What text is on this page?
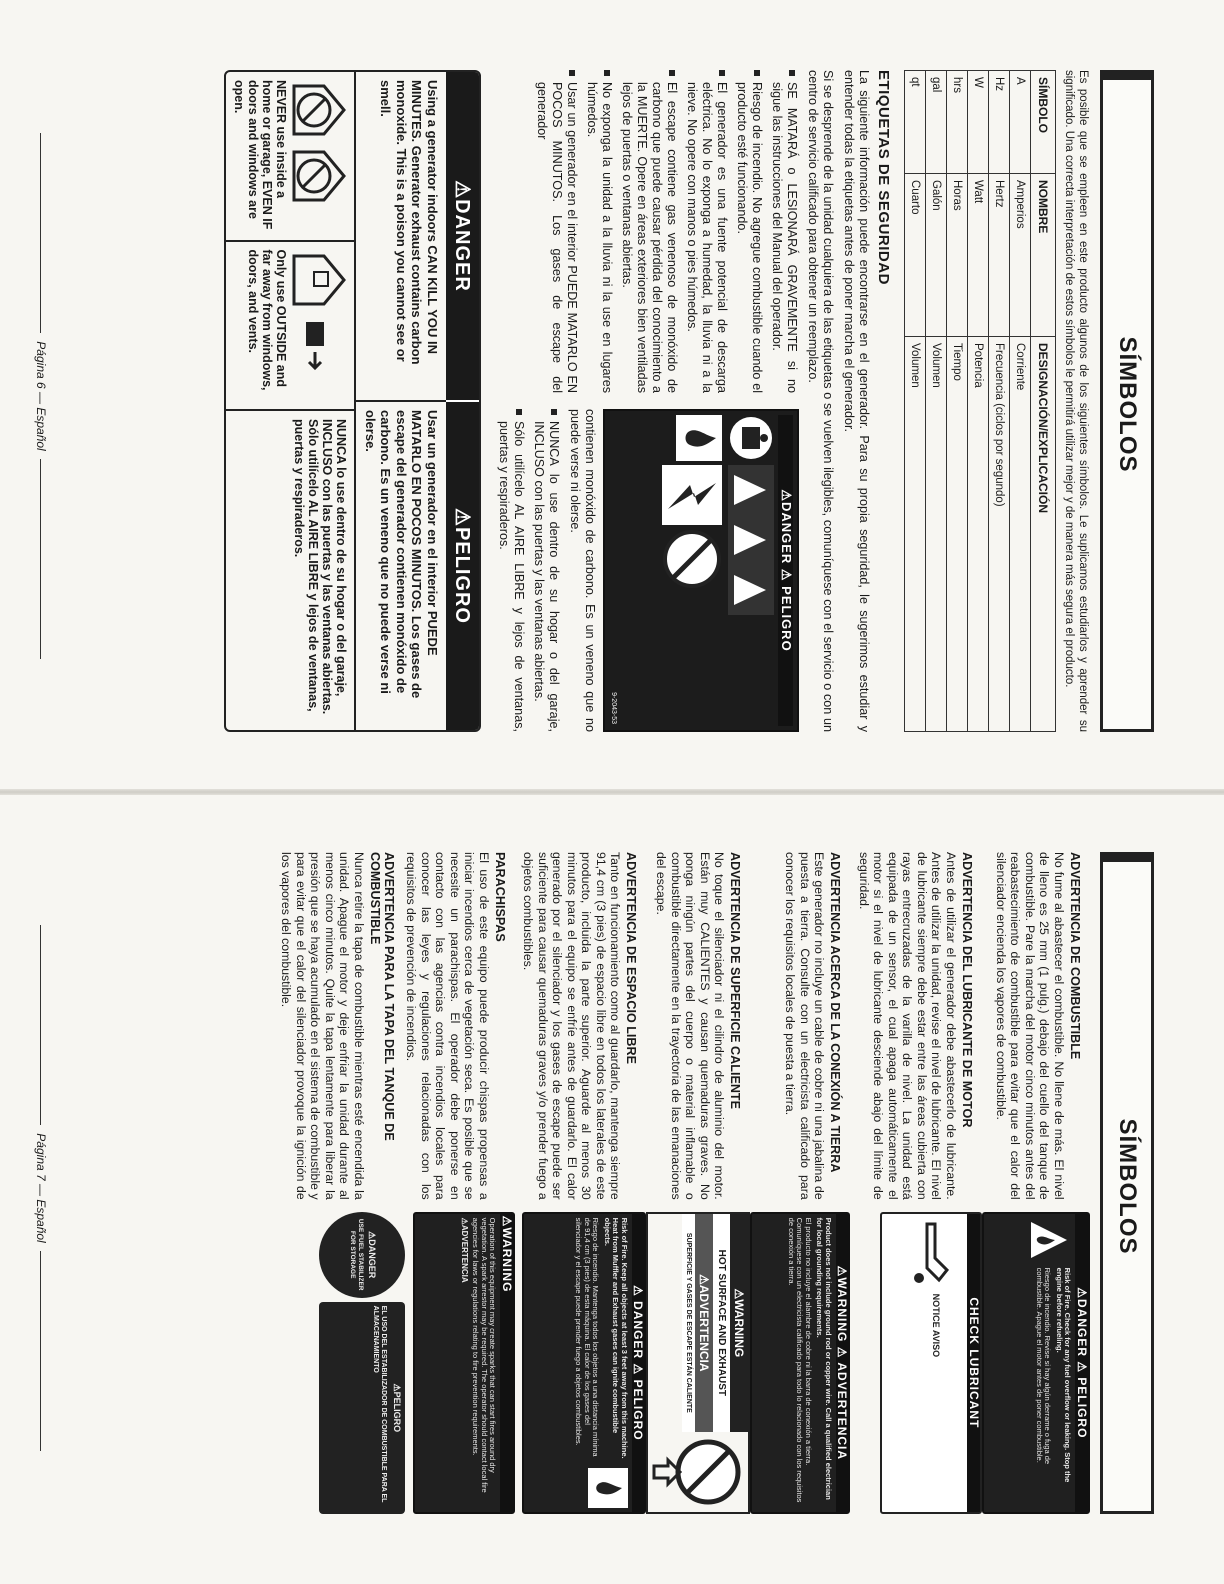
SÍMBOLOS

Es posible que se empleen en este producto algunos de los siguientes símbolos. Le suplicamos estudiarlos y aprender su significado. Una correcta interpretación de estos símbolos le permitirá utilizar mejor y de manera más segura el producto.

SÍMBOLO	NOMBRE	DESIGNACIÓN/EXPLICACIÓN
A	Amperios	Corriente
Hz	Hertz	Frecuencia (ciclos por segundo)
W	Watt	Potencia
hrs	Horas	Tiempo
gal	Galón	Volumen
qt	Cuarto	Volumen
ETIQUETAS DE SEGURIDAD

La siguiente información puede encontrarse en el generador. Para su propia seguridad, le sugerimos estudiar y entender todas la etiquetas antes de poner marcha el generador.

Si se desprende de la unidad cualquiera de las etiquetas o se vuelven ilegibles, comuníquese con el servicio o con un centro de servicio calificado para obtener un reemplazo.

SE MATARÁ o LESIONARÁ GRAVEMENTE si no sigue las instrucciones del Manual del operador.
Riesgo de incendio. No agregue combustible cuando el producto esté funcionando.
El generador es una fuente potencial de descarga eléctrica. No lo exponga a humedad, la lluvia ni a la nieve. No opere con manos o pies húmedos.
El escape contiene gas venenoso de monóxido de carbono que puede causar pérdida del conocimiento a la MUERTE. Opere en áreas exteriores bien ventiladas lejos de puertas o ventanas abiertas.
No exponga la unidad a la lluvia ni la use en lugares húmedos.
Usar un generador en el interior PUEDE MATARLO EN POCOS MINUTOS. Los gases de escape del generador
⚠DANGER ⚠ PELIGRO
9-2043-53

contienen monóxido de carbono. Es un veneno que no puede verse ni olerse.

NUNCA lo use dentro de su hogar o del garaje, INCLUSO con las puertas y las ventanas abiertas.
Sólo utilícelo AL AIRE LIBRE y lejos de ventanas, puertas y respiraderos.
⚠DANGER
⚠PELIGRO
Using a generator indoors CAN KILL YOU IN MINUTES. Generator exhaust contains carbon monoxide. This is a poison you cannot see or smell.
Usar un generador en el interior PUEDE MATARLO EN POCOS MINUTOS. Los gases de escape del generador contienen monóxido de carbono. Es un veneno que no puede verse ni olerse.
NEVER use inside a home or garage, EVEN IF doors and windows are open.
Only use OUTSIDE and far away from windows, doors, and vents.
NUNCA lo use dentro de su hogar o del garaje, INCLUSO con las puertas y las ventanas abiertas. Sólo utilícelo AL AIRE LIBRE y lejos de ventanas, puertas y respiraderos.
Página 6 — Español
SÍMBOLOS
ADVERTENCIA DE COMBUSTIBLE

No fume al abastecer el combustible. No llene de más. El nivel de lleno es 25 mm (1 pulg.) debajo del cuello del tanque de combustible. Pare la marcha del motor cinco minutos antes del reabastecimiento de combustible para evitar que el calor del silenciador encienda los vapores de combustible.

⚠DANGER ⚠ PELIGRO
Risk of Fire. Check for any fuel overflow or leaking. Stop the engine before refueling.
Riesgo de incendio. Revise si hay algún derrame o fuga de combustible. Apague el motor antes de poner combustible.
ADVERTENCIA DEL LUBRICANTE DE MOTOR

Antes de utilizar el generador debe abastecerlo de lubricante. Antes de utilizar la unidad, revise el nivel de lubricante. El nivel de lubricante siempre debe estar entre las áreas cubierta con rayas entrecruzadas de la varilla de nivel. La unidad está equipada de un sensor, el cual apaga automáticamente el motor si el nivel de lubricante desciende abajo del límite de seguridad.

CHECK LUBRICANT
NOTICE AVISO
ADVERTENCIA ACERCA DE LA CONEXIÓN A TIERRA

Este generador no incluye un cable de cobre ni una jabalina de puesta a tierra. Consulte con un electricista calificado para conocer los requisitos locales de puesta a tierra.

⚠WARNING ⚠ ADVERTENCIA
Product does not include ground rod or copper wire. Call a qualified electrician for local grounding requirements.
El producto no incluye el alambre de cobre ni la barra de conexión a tierra. Comuníquese con un electricista calificado para todo lo relacionado con los requisitos de conexión a tierra.
ADVERTENCIA DE SUPERFICIE CALIENTE

No toque el silenciador ni el cilindro de aluminio del motor. Están muy CALIENTES y causan quemaduras graves. No ponga ningún partes del cuerpo o material inflamable o combustible directamente en la trayectoria de las emanaciones del escape.

⚠WARNING
HOT SURFACE AND EXHAUST
⚠ADVERTENCIA
SUPERFICIE Y GASES DE ESCAPE ESTÁN CALIENTE
ADVERTENCIA DE ESPACIO LIBRE

Tanto en funcionamiento como al guardarlo, mantenga siempre 91,4 cm (3 pies) de espacio libre en todos los laterales de este producto, incluida la parte superior. Aguarde al menos 30 minutos para el equipo se enfríe antes de guardarlo. El calor generado por el silenciador y los gases de escape puede ser suficiente para causar quemaduras graves y/o prender fuego a objetos combustibles.

⚠ DANGER ⚠ PELIGRO
Risk of Fire. Keep all objects at least 3 feet away from this machine. Heat from Muffler and Exhaust gases can ignite combustible objects.
Riesgo de incendio. Mantenga todos los objetos a una distancia mínima de 91,4 cm (3 pies) de esta máquina. El calor de los gases del silenciador y el escape puede prender fuego a objetos combustibles.
PARACHISPAS

El uso de este equipo puede producir chispas propensas a iniciar incendios cerca de vegetación seca. Es posible que se necesite un parachispas. El operador debe ponerse en contacto con las agencias contra incendios locales para conocer las leyes y regulaciones relacionadas con los requisitos de prevención de incendios.

ADVERTENCIA PARA LA TAPA DEL TANQUE DE COMBUSTIBLE

Nunca retire la tapa de combustible mientras esté encendida la unidad. Apague el motor y deje enfriar la unidad durante al menos cinco minutos. Quite la tapa lentamente para liberar la presión que se haya acumulado en el sistema de combustible y para evitar que el calor del silenciador provoque la ignición de los vapores del combustible.

⚠WARNING
Operation of this equipment may create sparks that can start fires around dry vegetation. A spark arrestor may be required. The operator should contact local fire agencies for laws or regulations relating to fire prevention requirements.
⚠ADVERTENCIA
⚠DANGER
USE FUEL STABILIZER FOR STORAGE
⚠PELIGRO
EL USO DEL ESTABILIZADOR DE COMBUSTIBLE PARA EL ALMACENAMIENTO
Página 7 — Español
